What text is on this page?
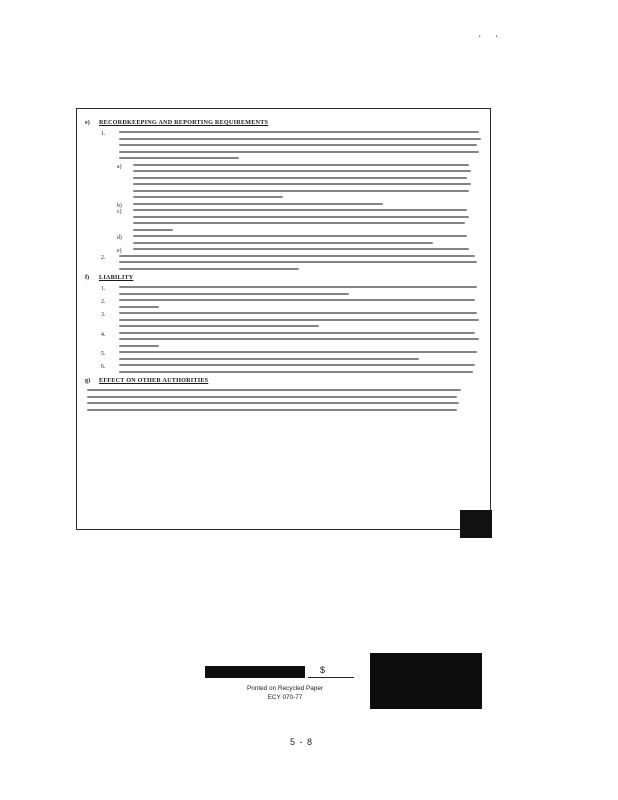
. .
e) RECORDKEEPING AND REPORTING REQUIREMENTS
1.
a)
b)
c)
d)
e)
2.
f) LIABILITY
1.
2.
3.
4.
5.
6.
g) EFFECT ON OTHER AUTHORITIES
$
Printed on Recycled Paper
ECY 070-77
5 - 8
